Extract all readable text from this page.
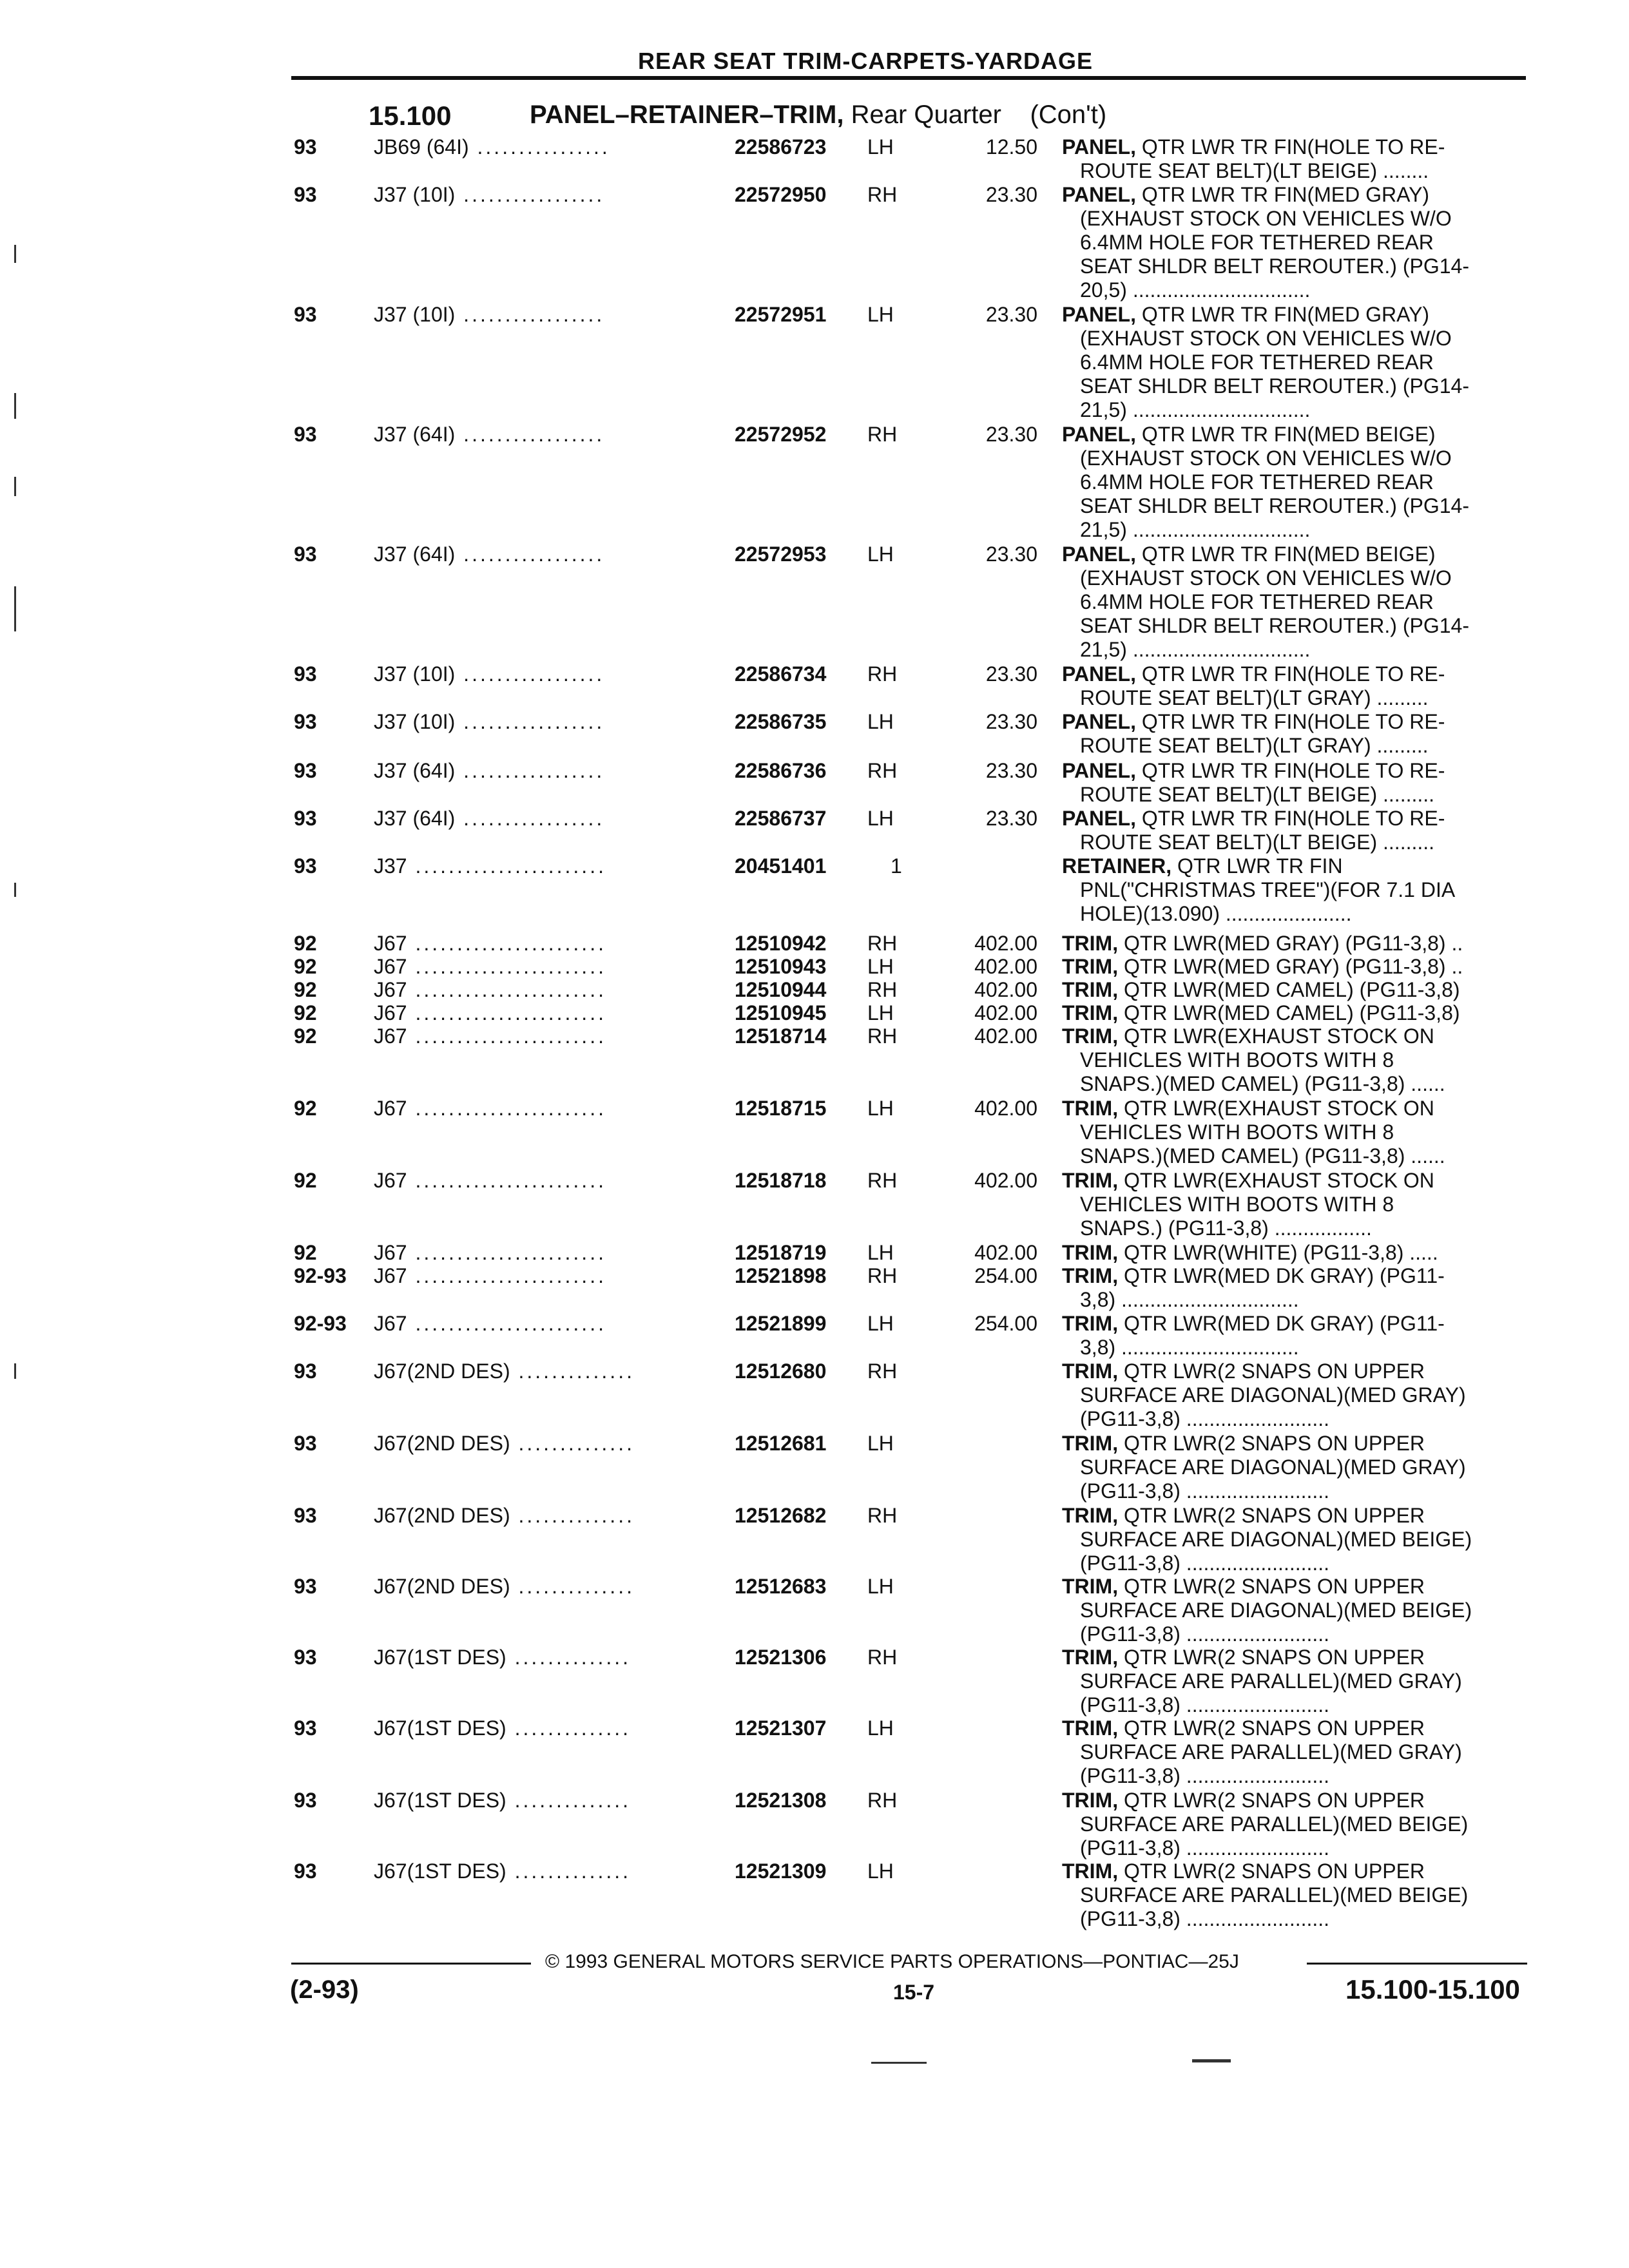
REAR SEAT TRIM-CARPETS-YARDAGE
15.100	PANEL–RETAINER–TRIM, Rear Quarter    (Con't)
93	JB69 (64I) ................	22586723 LH	12.50 PANEL, QTR LWR TR FIN(HOLE TO RE-
ROUTE SEAT BELT)(LT BEIGE) ........
93	J37 (10I) .................	22572950 RH	23.30 PANEL, QTR LWR TR FIN(MED GRAY)
(EXHAUST STOCK ON VEHICLES W/O
6.4MM HOLE FOR TETHERED REAR
SEAT SHLDR BELT REROUTER.) (PG14-
20,5) ...............................
93	J37 (10I) .................	22572951 LH	23.30 PANEL, QTR LWR TR FIN(MED GRAY)
(EXHAUST STOCK ON VEHICLES W/O
6.4MM HOLE FOR TETHERED REAR
SEAT SHLDR BELT REROUTER.) (PG14-
21,5) ...............................
93	J37 (64I) .................	22572952 RH	23.30 PANEL, QTR LWR TR FIN(MED BEIGE)
(EXHAUST STOCK ON VEHICLES W/O
6.4MM HOLE FOR TETHERED REAR
SEAT SHLDR BELT REROUTER.) (PG14-
21,5) ...............................
93	J37 (64I) .................	22572953 LH	23.30 PANEL, QTR LWR TR FIN(MED BEIGE)
(EXHAUST STOCK ON VEHICLES W/O
6.4MM HOLE FOR TETHERED REAR
SEAT SHLDR BELT REROUTER.) (PG14-
21,5) ...............................
93	J37 (10I) .................	22586734 RH	23.30 PANEL, QTR LWR TR FIN(HOLE TO RE-
ROUTE SEAT BELT)(LT GRAY) .........
93	J37 (10I) .................	22586735 LH	23.30 PANEL, QTR LWR TR FIN(HOLE TO RE-
ROUTE SEAT BELT)(LT GRAY) .........
93	J37 (64I) .................	22586736 RH	23.30 PANEL, QTR LWR TR FIN(HOLE TO RE-
ROUTE SEAT BELT)(LT BEIGE) .........
93	J37 (64I) .................	22586737 LH	23.30 PANEL, QTR LWR TR FIN(HOLE TO RE-
ROUTE SEAT BELT)(LT BEIGE) .........
93	J37 .......................	20451401	1	RETAINER, QTR LWR TR FIN
PNL("CHRISTMAS TREE")(FOR 7.1 DIA
HOLE)(13.090) ......................
92	J67 .......................	12510942 RH	402.00 TRIM, QTR LWR(MED GRAY) (PG11-3,8) ..
92	J67 .......................	12510943 LH	402.00 TRIM, QTR LWR(MED GRAY) (PG11-3,8) ..
92	J67 .......................	12510944 RH	402.00 TRIM, QTR LWR(MED CAMEL) (PG11-3,8)
92	J67 .......................	12510945 LH	402.00 TRIM, QTR LWR(MED CAMEL) (PG11-3,8)
92	J67 .......................	12518714 RH	402.00 TRIM, QTR LWR(EXHAUST STOCK ON
VEHICLES WITH BOOTS WITH 8
SNAPS.)(MED CAMEL) (PG11-3,8) ......
92	J67 .......................	12518715 LH	402.00 TRIM, QTR LWR(EXHAUST STOCK ON
VEHICLES WITH BOOTS WITH 8
SNAPS.)(MED CAMEL) (PG11-3,8) ......
92	J67 .......................	12518718 RH	402.00 TRIM, QTR LWR(EXHAUST STOCK ON
VEHICLES WITH BOOTS WITH 8
SNAPS.) (PG11-3,8) .................
92	J67 .......................	12518719 LH	402.00 TRIM, QTR LWR(WHITE) (PG11-3,8) .....
92-93 J67 .......................	12521898 RH	254.00 TRIM, QTR LWR(MED DK GRAY) (PG11-
3,8) ...............................
92-93 J67 .......................	12521899 LH	254.00 TRIM, QTR LWR(MED DK GRAY) (PG11-
3,8) ...............................
93	J67(2ND DES) ..............	12512680 RH	TRIM, QTR LWR(2 SNAPS ON UPPER
SURFACE ARE DIAGONAL)(MED GRAY)
(PG11-3,8) .........................
93	J67(2ND DES) ..............	12512681 LH	TRIM, QTR LWR(2 SNAPS ON UPPER
SURFACE ARE DIAGONAL)(MED GRAY)
(PG11-3,8) .........................
93	J67(2ND DES) ..............	12512682 RH	TRIM, QTR LWR(2 SNAPS ON UPPER
SURFACE ARE DIAGONAL)(MED BEIGE)
(PG11-3,8) .........................
93	J67(2ND DES) ..............	12512683 LH	TRIM, QTR LWR(2 SNAPS ON UPPER
SURFACE ARE DIAGONAL)(MED BEIGE)
(PG11-3,8) .........................
93	J67(1ST DES) ..............	12521306 RH	TRIM, QTR LWR(2 SNAPS ON UPPER
SURFACE ARE PARALLEL)(MED GRAY)
(PG11-3,8) .........................
93	J67(1ST DES) ..............	12521307 LH	TRIM, QTR LWR(2 SNAPS ON UPPER
SURFACE ARE PARALLEL)(MED GRAY)
(PG11-3,8) .........................
93	J67(1ST DES) ..............	12521308 RH	TRIM, QTR LWR(2 SNAPS ON UPPER
SURFACE ARE PARALLEL)(MED BEIGE)
(PG11-3,8) .........................
93	J67(1ST DES) ..............	12521309 LH	TRIM, QTR LWR(2 SNAPS ON UPPER
SURFACE ARE PARALLEL)(MED BEIGE)
(PG11-3,8) .........................
© 1993 GENERAL MOTORS SERVICE PARTS OPERATIONS—PONTIAC—25J
(2-93)	15-7	15.100-15.100
